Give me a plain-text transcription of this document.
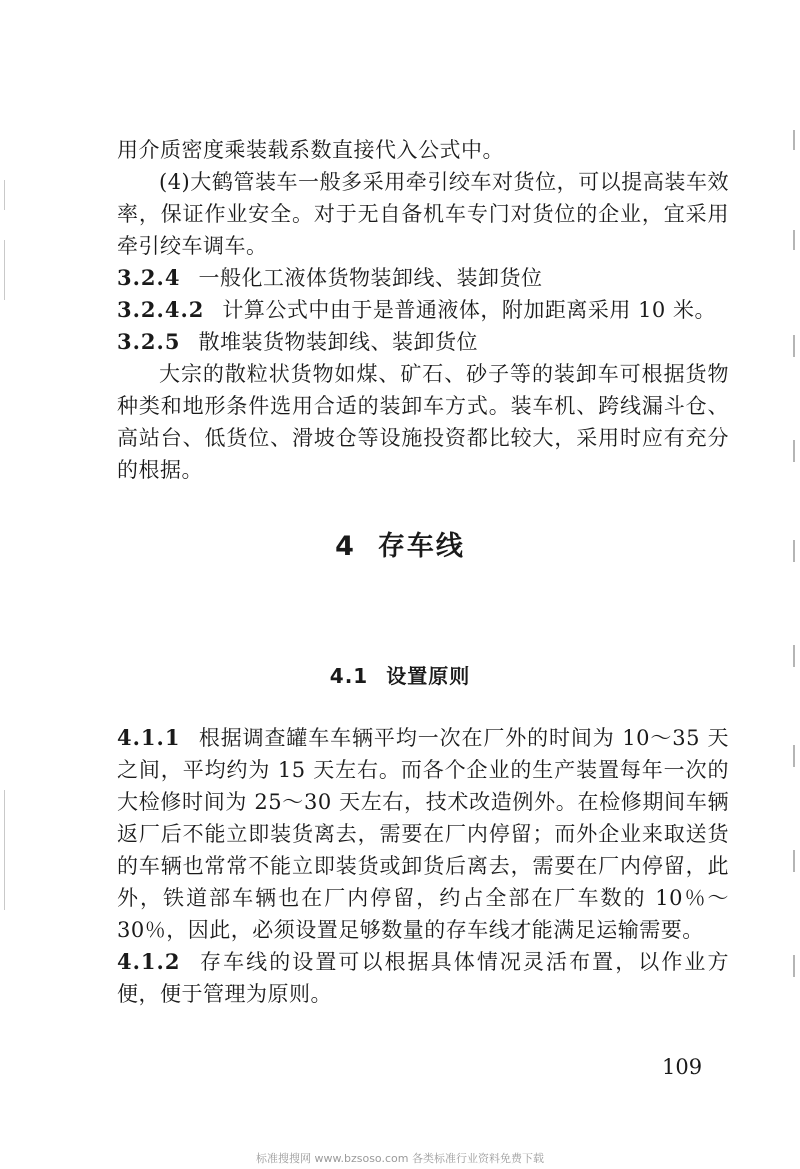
用介质密度乘装载系数直接代入公式中。

(4)大鹤管装车一般多采用牵引绞车对货位，可以提高装车效率，保证作业安全。对于无自备机车专门对货位的企业，宜采用牵引绞车调车。

3.2.4 一般化工液体货物装卸线、装卸货位

3.2.4.2 计算公式中由于是普通液体，附加距离采用 10 米。

3.2.5 散堆装货物装卸线、装卸货位

大宗的散粒状货物如煤、矿石、砂子等的装卸车可根据货物种类和地形条件选用合适的装卸车方式。装车机、跨线漏斗仓、高站台、低货位、滑坡仓等设施投资都比较大，采用时应有充分的根据。

4 存车线
4.1 设置原则

4.1.1 根据调查罐车车辆平均一次在厂外的时间为 10～35 天之间，平均约为 15 天左右。而各个企业的生产装置每年一次的大检修时间为 25～30 天左右，技术改造例外。在检修期间车辆返厂后不能立即装货离去，需要在厂内停留；而外企业来取送货的车辆也常常不能立即装货或卸货后离去，需要在厂内停留，此外，铁道部车辆也在厂内停留，约占全部在厂车数的 10％～30％，因此，必须设置足够数量的存车线才能满足运输需要。

4.1.2 存车线的设置可以根据具体情况灵活布置，以作业方便，便于管理为原则。

109
标准搜搜网 www.bzsoso.com 各类标准行业资料免费下载
